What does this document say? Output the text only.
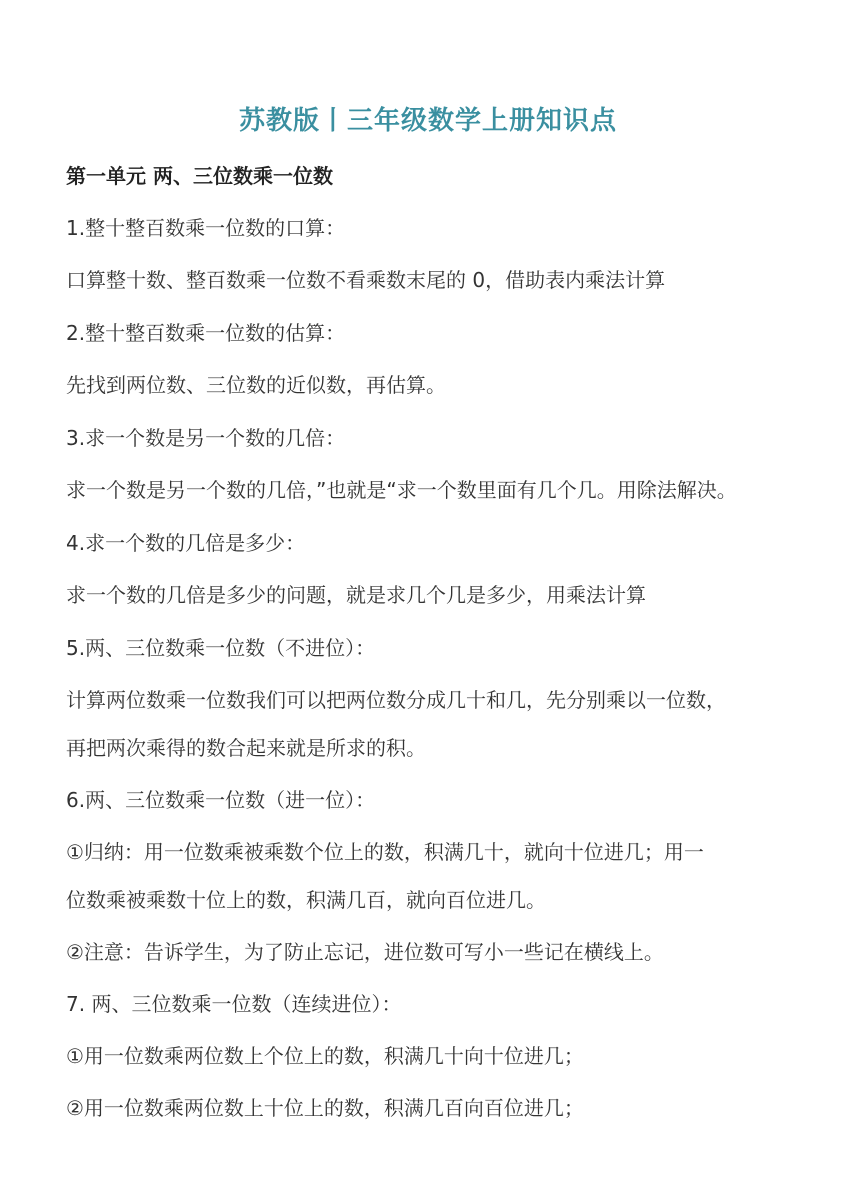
苏教版丨三年级数学上册知识点
第一单元 两、三位数乘一位数
1.整十整百数乘一位数的口算：
口算整十数、整百数乘一位数不看乘数末尾的 0，借助表内乘法计算
2.整十整百数乘一位数的估算：
先找到两位数、三位数的近似数，再估算。
3.求一个数是另一个数的几倍：
求一个数是另一个数的几倍，”也就是“求一个数里面有几个几。用除法解决。
4.求一个数的几倍是多少：
求一个数的几倍是多少的问题，就是求几个几是多少，用乘法计算
5.两、三位数乘一位数（不进位）：
计算两位数乘一位数我们可以把两位数分成几十和几，先分别乘以一位数，
再把两次乘得的数合起来就是所求的积。
6.两、三位数乘一位数（进一位）：
①归纳：用一位数乘被乘数个位上的数，积满几十，就向十位进几；用一
位数乘被乘数十位上的数，积满几百，就向百位进几。
②注意：告诉学生，为了防止忘记，进位数可写小一些记在横线上。
7. 两、三位数乘一位数（连续进位）：
①用一位数乘两位数上个位上的数，积满几十向十位进几；
②用一位数乘两位数上十位上的数，积满几百向百位进几；
